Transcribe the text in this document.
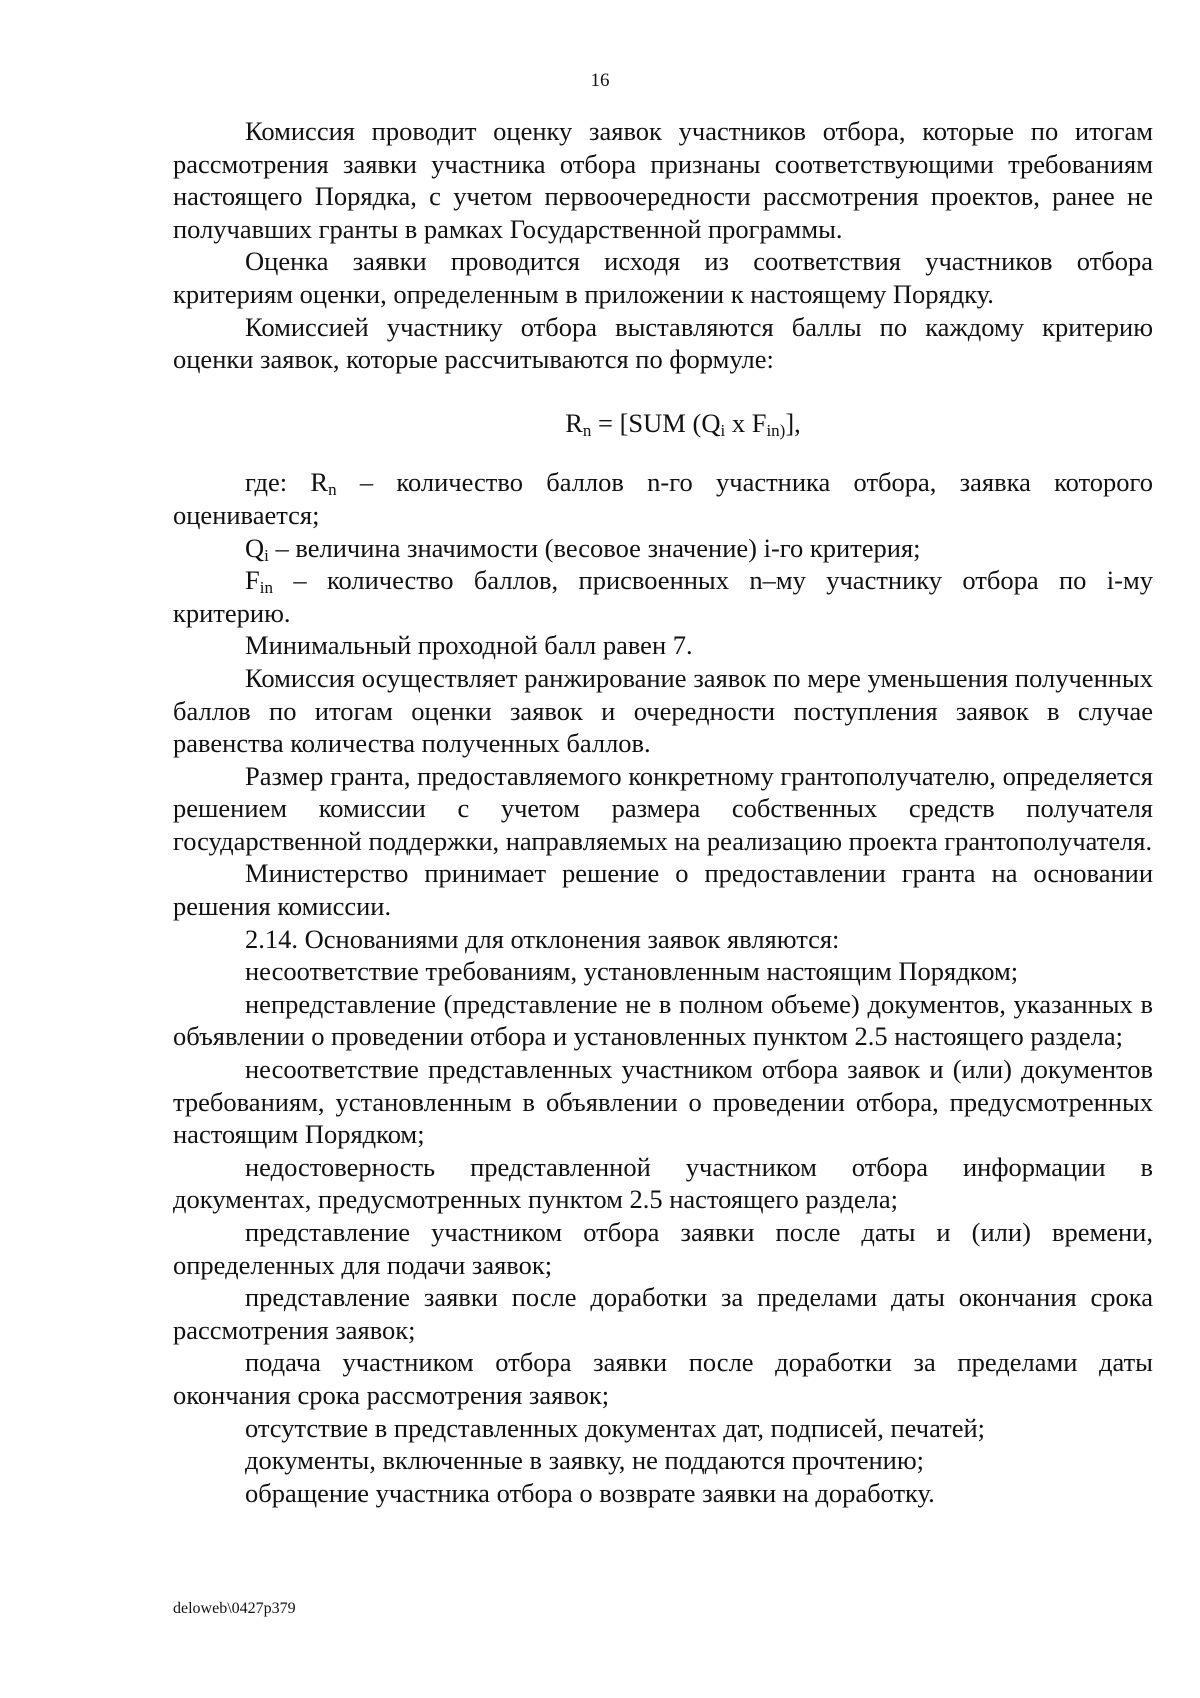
16

Комиссия проводит оценку заявок участников отбора, которые по итогам рассмотрения заявки участника отбора признаны соответствующими требованиям настоящего Порядка, с учетом первоочередности рассмотрения проектов, ранее не получавших гранты в рамках Государственной программы.

Оценка заявки проводится исходя из соответствия участников отбора критериям оценки, определенным в приложении к настоящему Порядку.

Комиссией участнику отбора выставляются баллы по каждому критерию оценки заявок, которые рассчитываются по формуле:

$R_n = [SUM$ ($Q_i$ x $F_{in)}$],

где: $R_n$ – количество баллов n-го участника отбора, заявка которого оценивается;

$Q_i$ – величина значимости (весовое значение) i-го критерия;

$F_{in}$ – количество баллов, присвоенных n–му участнику отбора по i-му критерию.

Минимальный проходной балл равен 7.

Комиссия осуществляет ранжирование заявок по мере уменьшения полученных баллов по итогам оценки заявок и очередности поступления заявок в случае равенства количества полученных баллов.

Размер гранта, предоставляемого конкретному грантополучателю, определяется решением комиссии с учетом размера собственных средств получателя государственной поддержки, направляемых на реализацию проекта грантополучателя.

Министерство принимает решение о предоставлении гранта на основании решения комиссии.

2.14. Основаниями для отклонения заявок являются:

несоответствие требованиям, установленным настоящим Порядком;

непредставление (представление не в полном объеме) документов, указанных в объявлении о проведении отбора и установленных пунктом 2.5 настоящего раздела;

несоответствие представленных участником отбора заявок и (или) документов требованиям, установленным в объявлении о проведении отбора, предусмотренных настоящим Порядком;

недостоверность представленной участником отбора информации в документах, предусмотренных пунктом 2.5 настоящего раздела;

представление участником отбора заявки после даты и (или) времени, определенных для подачи заявок;

представление заявки после доработки за пределами даты окончания срока рассмотрения заявок;

подача участником отбора заявки после доработки за пределами даты окончания срока рассмотрения заявок;

отсутствие в представленных документах дат, подписей, печатей;

документы, включенные в заявку, не поддаются прочтению;

обращение участника отбора о возврате заявки на доработку.

deloweb\0427p379
